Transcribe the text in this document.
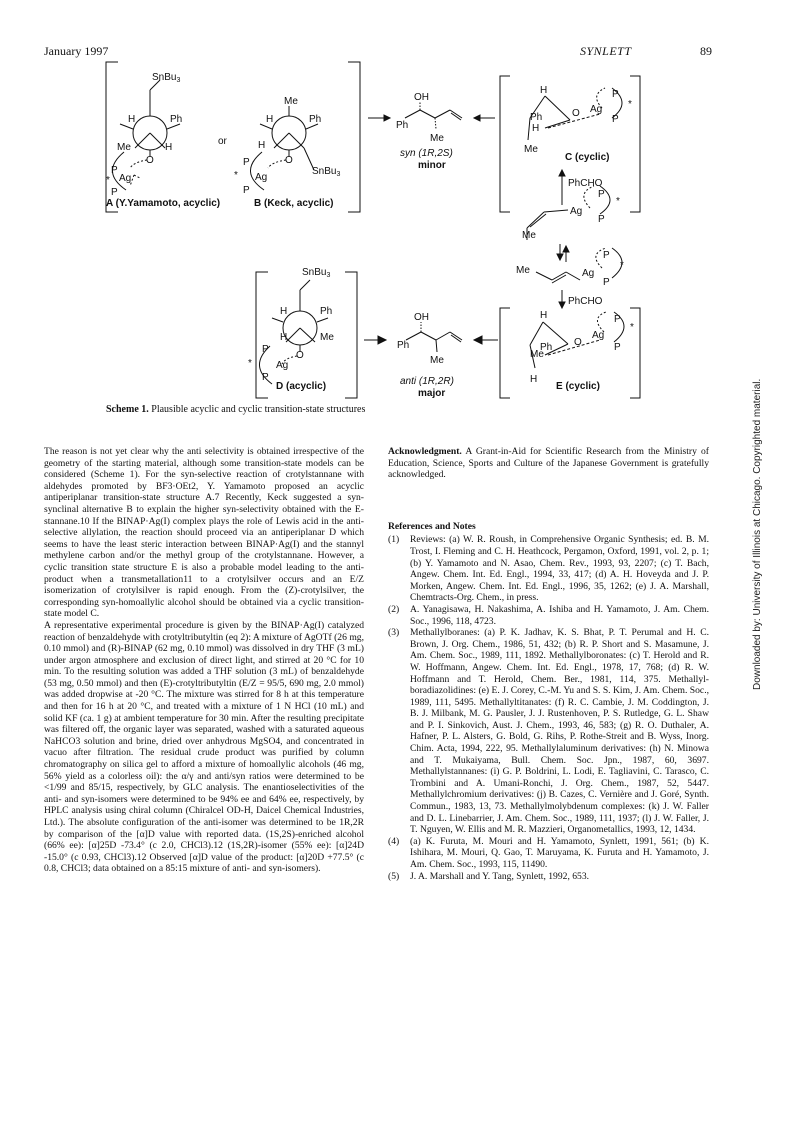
January 1997	SYNLETT	89
SnBu$_3$
H	Ph
Me	H
O
P
* Ag
P
A (Y.Yamamoto, acyclic)
or
Me
H	Ph
H
O
P
* Ag
P
SnBu$_3$
B (Keck, acyclic)
OH
Ph
Me
syn (1R,2S)
minor
H	P
*
Ag
P
Ph
H
O
Me
C (cyclic)
PhCHO
P
*
Ag
P
Me
P
*
Me	Ag
P
PhCHO
H	P
*
Ag
P
O
Ph
Me
H
E (cyclic)
SnBu$_3$
H	Ph
H	Me
O
P
* Ag
P
D (acyclic)
OH
Ph
Me
anti (1R,2R)
major
Scheme 1. Plausible acyclic and cyclic transition-state structures

The reason is not yet clear why the anti selectivity is obtained irrespective of the geometry of the starting material, although some transition-state models can be considered (Scheme 1). For the syn-selective reaction of crotylstannane with aldehydes promoted by BF3·OEt2, Y. Yamamoto proposed an acyclic antiperiplanar transition-state structure A.7 Recently, Keck suggested a syn-synclinal alternative B to explain the higher syn-selectivity obtained with the E-stannane.10 If the BINAP·Ag(I) complex plays the role of Lewis acid in the anti-selective allylation, the reaction should proceed via an antiperiplanar D which seems to have the least steric interaction between BINAP·Ag(I) and the stannyl methylene carbon and/or the methyl group of the crotylstannane. However, a cyclic transition state structure E is also a probable model leading to the anti-product when a transmetallation11 to a crotylsilver occurs and an E/Z isomerization of crotylsilver is rapid enough. From the (Z)-crotylsilver, the corresponding syn-homoallylic alcohol should be obtained via a cyclic transition-state model C.

A representative experimental procedure is given by the BINAP·Ag(I) catalyzed reaction of benzaldehyde with crotyltributyltin (eq 2): A mixture of AgOTf (26 mg, 0.10 mmol) and (R)-BINAP (62 mg, 0.10 mmol) was dissolved in dry THF (3 mL) under argon atmosphere and exclusion of direct light, and stirred at 20 °C for 10 min. To the resulting solution was added a THF solution (3 mL) of benzaldehyde (53 mg, 0.50 mmol) and then (E)-crotyltributyltin (E/Z = 95/5, 690 mg, 2.0 mmol) was added dropwise at -20 °C. The mixture was stirred for 8 h at this temperature and then for 16 h at 20 °C, and treated with a mixture of 1 N HCl (10 mL) and solid KF (ca. 1 g) at ambient temperature for 30 min. After the resulting precipitate was filtered off, the organic layer was separated, washed with a saturated aqueous NaHCO3 solution and brine, dried over anhydrous MgSO4, and concentrated in vacuo after filtration. The residual crude product was purified by column chromatography on silica gel to afford a mixture of homoallylic alcohols (46 mg, 56% yield as a colorless oil): the α/γ and anti/syn ratios were determined to be <1/99 and 85/15, respectively, by GLC analysis. The enantioselectivities of the anti- and syn-isomers were determined to be 94% ee and 64% ee, respectively, by HPLC analysis using chiral column (Chiralcel OD-H, Daicel Chemical Industries, Ltd.). The absolute configuration of the anti-isomer was determined to be 1R,2R by comparison of the [α]D value with reported data. (1S,2S)-enriched alcohol (66% ee): [α]25D -73.4° (c 2.0, CHCl3).12 (1S,2R)-isomer (55% ee): [α]24D -15.0° (c 0.93, CHCl3).12 Observed [α]D value of the product: [α]20D +77.5° (c 0.8, CHCl3; data obtained on a 85:15 mixture of anti- and syn-isomers).

Acknowledgment. A Grant-in-Aid for Scientific Research from the Ministry of Education, Science, Sports and Culture of the Japanese Government is gratefully acknowledged.

References and Notes

(1)	Reviews: (a) W. R. Roush, in Comprehensive Organic Synthesis; ed. B. M. Trost, I. Fleming and C. H. Heathcock, Pergamon, Oxford, 1991, vol. 2, p. 1; (b) Y. Yamamoto and N. Asao, Chem. Rev., 1993, 93, 2207; (c) T. Bach, Angew. Chem. Int. Ed. Engl., 1994, 33, 417; (d) A. H. Hoveyda and J. P. Morken, Angew. Chem. Int. Ed. Engl., 1996, 35, 1262; (e) J. A. Marshall, Chemtracts-Org. Chem., in press.
(2)	A. Yanagisawa, H. Nakashima, A. Ishiba and H. Yamamoto, J. Am. Chem. Soc., 1996, 118, 4723.
(3)	Methallylboranes: (a) P. K. Jadhav, K. S. Bhat, P. T. Perumal and H. C. Brown, J. Org. Chem., 1986, 51, 432; (b) R. P. Short and S. Masamune, J. Am. Chem. Soc., 1989, 111, 1892. Methallylboronates: (c) T. Herold and R. W. Hoffmann, Angew. Chem. Int. Ed. Engl., 1978, 17, 768; (d) R. W. Hoffmann and T. Herold, Chem. Ber., 1981, 114, 375. Methallyl-boradiazolidines: (e) E. J. Corey, C.-M. Yu and S. S. Kim, J. Am. Chem. Soc., 1989, 111, 5495. Methallyltitanates: (f) R. C. Cambie, J. M. Coddington, J. B. J. Milbank, M. G. Pausler, J. J. Rustenhoven, P. S. Rutledge, G. L. Shaw and P. I. Sinkovich, Aust. J. Chem., 1993, 46, 583; (g) R. O. Duthaler, A. Hafner, P. L. Alsters, G. Bold, G. Rihs, P. Rothe-Streit and B. Wyss, Inorg. Chim. Acta, 1994, 222, 95. Methallylaluminum derivatives: (h) N. Minowa and T. Mukaiyama, Bull. Chem. Soc. Jpn., 1987, 60, 3697. Methallylstannanes: (i) G. P. Boldrini, L. Lodi, E. Tagliavini, C. Tarasco, C. Trombini and A. Umani-Ronchi, J. Org. Chem., 1987, 52, 5447. Methallylchromium derivatives: (j) B. Cazes, C. Vernière and J. Goré, Synth. Commun., 1983, 13, 73. Methallylmolybdenum complexes: (k) J. W. Faller and D. L. Linebarrier, J. Am. Chem. Soc., 1989, 111, 1937; (l) J. W. Faller, J. T. Nguyen, W. Ellis and M. R. Mazzieri, Organometallics, 1993, 12, 1434.
(4)	(a) K. Furuta, M. Mouri and H. Yamamoto, Synlett, 1991, 561; (b) K. Ishihara, M. Mouri, Q. Gao, T. Maruyama, K. Furuta and H. Yamamoto, J. Am. Chem. Soc., 1993, 115, 11490.
(5)	J. A. Marshall and Y. Tang, Synlett, 1992, 653.
Downloaded by: University of Illinois at Chicago. Copyrighted material.
